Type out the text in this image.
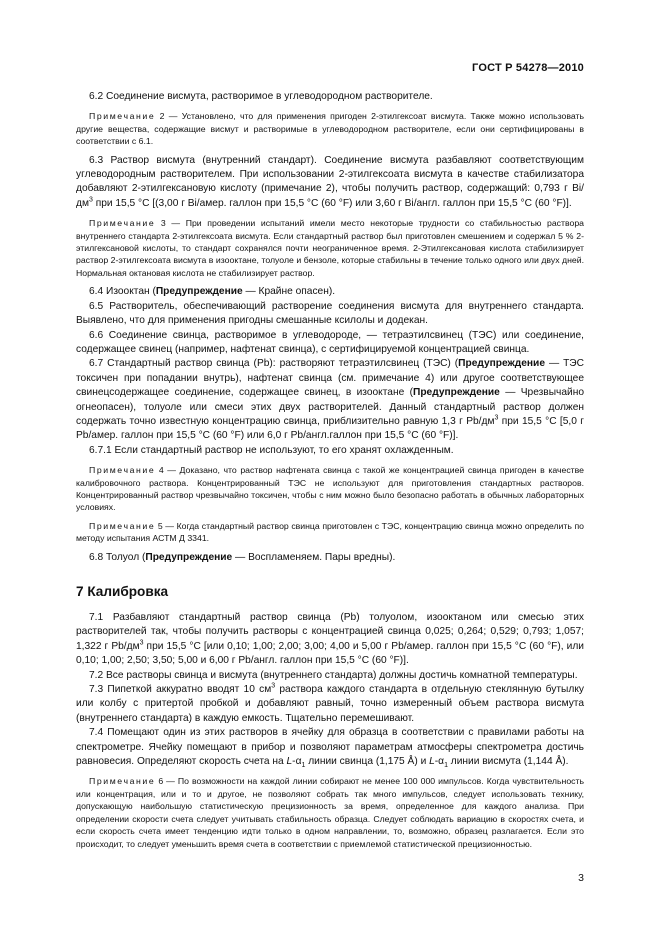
ГОСТ Р 54278—2010

6.2 Соединение висмута, растворимое в углеводородном растворителе.

Примечание 2 — Установлено, что для применения пригоден 2-этилгексоат висмута. Также можно использовать другие вещества, содержащие висмут и растворимые в углеводородном растворителе, если они сертифицированы в соответствии с 6.1.

6.3 Раствор висмута (внутренний стандарт). Соединение висмута разбавляют соответствующим углеводородным растворителем. При использовании 2-этилгексоата висмута в качестве стабилизатора добавляют 2-этилгексановую кислоту (примечание 2), чтобы получить раствор, содержащий: 0,793 г $Bi/дм^3$ при 15,5 °С [(3,00 г Bi/амер. галлон при 15,5 °С (60 °F) или 3,60 г Bi/англ. галлон при 15,5 °С (60 °F)].

Примечание 3 — При проведении испытаний имели место некоторые трудности со стабильностью раствора внутреннего стандарта 2-этилгексоата висмута. Если стандартный раствор был приготовлен смешением и содержал 5 % 2-этилгексановой кислоты, то стандарт сохранялся почти неограниченное время. 2-Этилгексановая кислота стабилизирует раствор 2-этилгексоата висмута в изооктане, толуоле и бензоле, которые стабильны в течение только одного или двух дней. Нормальная октановая кислота не стабилизирует раствор.

6.4 Изооктан (Предупреждение — Крайне опасен).

6.5 Растворитель, обеспечивающий растворение соединения висмута для внутреннего стандарта. Выявлено, что для применения пригодны смешанные ксилолы и додекан.

6.6 Соединение свинца, растворимое в углеводороде, — тетраэтилсвинец (ТЭС) или соединение, содержащее свинец (например, нафтенат свинца), с сертифицируемой концентрацией свинца.

6.7 Стандартный раствор свинца (Pb): растворяют тетраэтилсвинец (ТЭС) (Предупреждение — ТЭС токсичен при попадании внутрь), нафтенат свинца (см. примечание 4) или другое соответствующее свинецсодержащее соединение, содержащее свинец, в изооктане (Предупреждение — Чрезвычайно огнеопасен), толуоле или смеси этих двух растворителей. Данный стандартный раствор должен содержать точно известную концентрацию свинца, приблизительно равную 1,3 г $Pb/дм^3$ при 15,5 °С [5,0 г Pb/амер. галлон при 15,5 °С (60 °F) или 6,0 г Pb/англ.галлон при 15,5 °С (60 °F)].

6.7.1 Если стандартный раствор не используют, то его хранят охлажденным.

Примечание 4 — Доказано, что раствор нафтената свинца с такой же концентрацией свинца пригоден в качестве калибровочного раствора. Концентрированный ТЭС не используют для приготовления стандартных растворов. Концентрированный раствор чрезвычайно токсичен, чтобы с ним можно было безопасно работать в обычных лабораторных условиях.

Примечание 5 — Когда стандартный раствор свинца приготовлен с ТЭС, концентрацию свинца можно определить по методу испытания АСТМ Д 3341.

6.8 Толуол (Предупреждение — Воспламеняем. Пары вредны).

7 Калибровка

7.1 Разбавляют стандартный раствор свинца (Pb) толуолом, изооктаном или смесью этих растворителей так, чтобы получить растворы с концентрацией свинца 0,025; 0,264; 0,529; 0,793; 1,057; 1,322 г $Pb/дм^3$ при 15,5 °С [или 0,10; 1,00; 2,00; 3,00; 4,00 и 5,00 г Pb/амер. галлон при 15,5 °С (60 °F), или 0,10; 1,00; 2,50; 3,50; 5,00 и 6,00 г Pb/англ. галлон при 15,5 °С (60 °F)].

7.2 Все растворы свинца и висмута (внутреннего стандарта) должны достичь комнатной температуры.

7.3 Пипеткой аккуратно вводят 10 $см^3$ раствора каждого стандарта в отдельную стеклянную бутылку или колбу с притертой пробкой и добавляют равный, точно измеренный объем раствора висмута (внутреннего стандарта) в каждую емкость. Тщательно перемешивают.

7.4 Помещают один из этих растворов в ячейку для образца в соответствии с правилами работы на спектрометре. Ячейку помещают в прибор и позволяют параметрам атмосферы спектрометра достичь равновесия. Определяют скорость счета на $L-\alpha_1$ линии свинца (1,175 Å) и $L-\alpha_1$ линии висмута (1,144 Å).

Примечание 6 — По возможности на каждой линии собирают не менее 100 000 импульсов. Когда чувствительность или концентрация, или и то и другое, не позволяют собрать так много импульсов, следует использовать технику, допускающую наибольшую статистическую прецизионность за время, определенное для каждого анализа. При определении скорости счета следует учитывать стабильность образца. Следует соблюдать вариацию в скоростях счета, и если скорость счета имеет тенденцию идти только в одном направлении, то, возможно, образец разлагается. Если это происходит, то следует уменьшить время счета в соответствии с приемлемой статистической прецизионностью.

3
